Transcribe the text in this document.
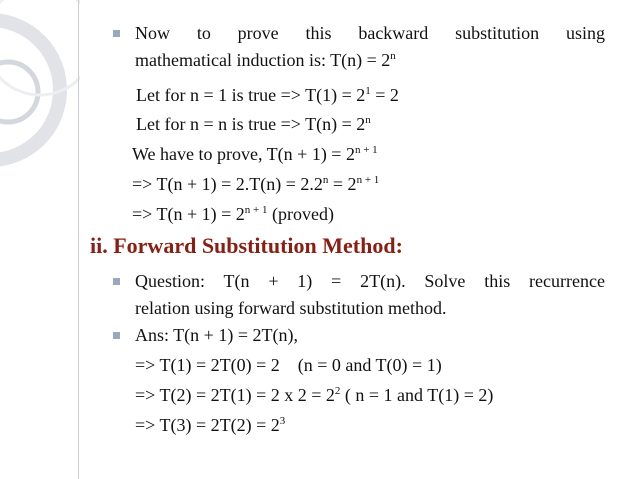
Now to prove this backward substitution using
mathematical induction is: $T(n) = 2^n$
Let for n = 1 is true => $T(1) = 2^1 = 2$
Let for n = n is true => $T(n) = 2^n$
We have to prove, $T(n + 1) = 2^{n + 1}$
=> $T(n + 1) = 2.T(n) = 2.2^n = 2^{n + 1}$
=> $T(n + 1) = 2^{n + 1}$ (proved)
ii. Forward Substitution Method:
Question: T(n + 1) = 2T(n). Solve this recurrence
relation using forward substitution method.
Ans: T(n + 1) = 2T(n),
=> T(1) = 2T(0) = 2    (n = 0 and T(0) = 1)
=> T(2) = 2T(1) = 2 x $2 = 2^2$ ( n = 1 and T(1) = 2)
=> $T(3) = 2T(2) = 2^3$
